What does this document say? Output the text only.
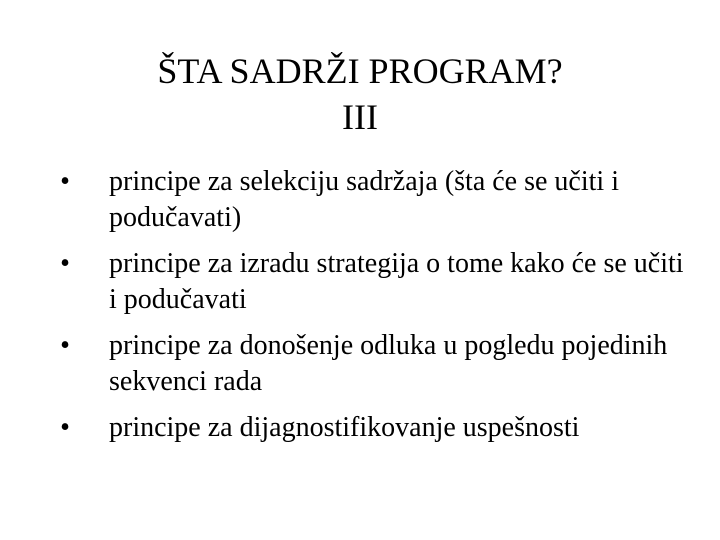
ŠTA SADRŽI PROGRAM?
III
• principe za selekciju sadržaja (šta će se učiti i podučavati)
• principe za izradu strategija o tome kako će se učiti i podučavati
• principe za donošenje odluka u pogledu pojedinih sekvenci rada
• principe za dijagnostifikovanje uspešnosti
